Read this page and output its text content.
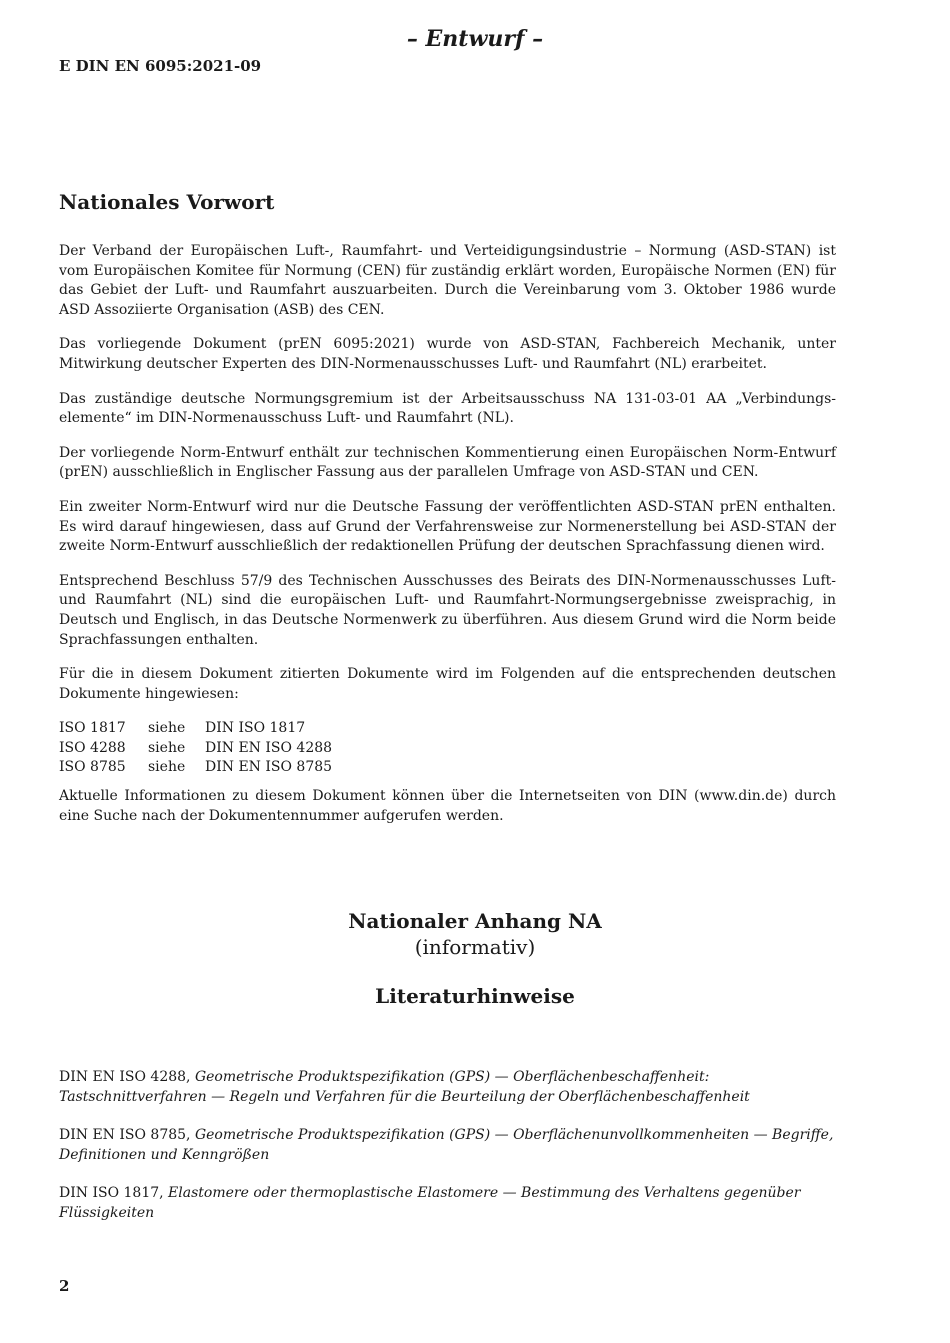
– Entwurf –
E DIN EN 6095:2021-09
Nationales Vorwort

Der Verband der Europäischen Luft-, Raumfahrt- und Verteidigungsindustrie – Normung (ASD-STAN) ist vom Europäischen Komitee für Normung (CEN) für zuständig erklärt worden, Europäische Normen (EN) für das Gebiet der Luft- und Raumfahrt auszuarbeiten. Durch die Vereinbarung vom 3. Oktober 1986 wurde ASD Assoziierte Organisation (ASB) des CEN.

Das vorliegende Dokument (prEN 6095:2021) wurde von ASD-STAN, Fachbereich Mechanik, unter Mitwirkung deutscher Experten des DIN-Normenausschusses Luft- und Raumfahrt (NL) erarbeitet.

Das zuständige deutsche Normungsgremium ist der Arbeitsausschuss NA 131-03-01 AA „Verbindungs-elemente“ im DIN-Normenausschuss Luft- und Raumfahrt (NL).

Der vorliegende Norm-Entwurf enthält zur technischen Kommentierung einen Europäischen Norm-Entwurf (prEN) ausschließlich in Englischer Fassung aus der parallelen Umfrage von ASD-STAN und CEN.

Ein zweiter Norm-Entwurf wird nur die Deutsche Fassung der veröffentlichten ASD-STAN prEN enthalten. Es wird darauf hingewiesen, dass auf Grund der Verfahrensweise zur Normenerstellung bei ASD-STAN der zweite Norm-Entwurf ausschließlich der redaktionellen Prüfung der deutschen Sprachfassung dienen wird.

Entsprechend Beschluss 57/9 des Technischen Ausschusses des Beirats des DIN-Normenausschusses Luft- und Raumfahrt (NL) sind die europäischen Luft- und Raumfahrt-Normungsergebnisse zweisprachig, in Deutsch und Englisch, in das Deutsche Normenwerk zu überführen. Aus diesem Grund wird die Norm beide Sprachfassungen enthalten.

Für die in diesem Dokument zitierten Dokumente wird im Folgenden auf die entsprechenden deutschen Dokumente hingewiesen:

ISO 1817	siehe	DIN ISO 1817
ISO 4288	siehe	DIN EN ISO 4288
ISO 8785	siehe	DIN EN ISO 8785

Aktuelle Informationen zu diesem Dokument können über die Internetseiten von DIN (www.din.de) durch eine Suche nach der Dokumentennummer aufgerufen werden.

Nationaler Anhang NA
(informativ)
Literaturhinweise
DIN EN ISO 4288, Geometrische Produktspezifikation (GPS) — Oberflächenbeschaffenheit: Tastschnittverfahren — Regeln und Verfahren für die Beurteilung der Oberflächenbeschaffenheit
DIN EN ISO 8785, Geometrische Produktspezifikation (GPS) — Oberflächenunvollkommenheiten — Begriffe, Definitionen und Kenngrößen
DIN ISO 1817, Elastomere oder thermoplastische Elastomere — Bestimmung des Verhaltens gegenüber Flüssigkeiten
2
